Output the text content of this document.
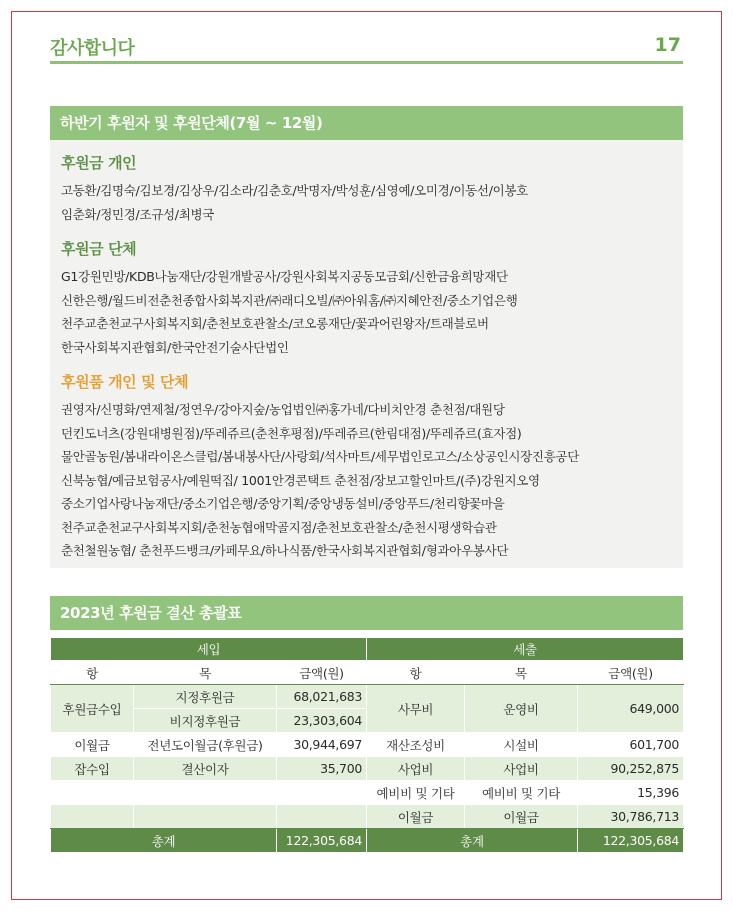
감사합니다	17
하반기 후원자 및 후원단체(7월 ~ 12월)
후원금 개인
고동환/김명숙/김보경/김상우/김소라/김춘호/박명자/박성훈/심영예/오미경/이동선/이봉호
임춘화/정민경/조규성/최병국
후원금 단체
G1강원민방/KDB나눔재단/강원개발공사/강원사회복지공동모금회/신한금융희망재단
신한은행/월드비전춘천종합사회복지관/㈜래디오빌/㈜아워홈/㈜지혜안전/중소기업은행
천주교춘천교구사회복지회/춘천보호관찰소/코오롱재단/꽃과어린왕자/트래블로버
한국사회복지관협회/한국안전기술사단법인
후원품 개인 및 단체
권영자/신명화/연제철/정연우/강아지숲/농업법인㈜홍가네/다비치안경 춘천점/대원당
던킨도너츠(강원대병원점)/뚜레쥬르(춘천후평점)/뚜레쥬르(한림대점)/뚜레쥬르(효자점)
물안골농원/봄내라이온스클럽/봄내봉사단/사랑회/석사마트/세무법인로고스/소상공인시장진흥공단
신북농협/예금보험공사/예원떡집/ 1001안경콘택트 춘천점/장보고할인마트/(주)강원지오영
중소기업사랑나눔재단/중소기업은행/중앙기획/중앙냉동설비/중앙푸드/천리향꽃마을
천주교춘천교구사회복지회/춘천농협애막골지점/춘천보호관찰소/춘천시평생학습관
춘천철원농협/ 춘천푸드뱅크/카페무요/하나식품/한국사회복지관협회/형과아우봉사단
2023년 후원금 결산 총괄표
세입			세출		
항	목	금액(원)	항	목	금액(원)
후원금수입	지정후원금	68,021,683	사무비	운영비	649,000
	비지정후원금	23,303,604			
이월금	전년도이월금(후원금)	30,944,697	재산조성비	시설비	601,700
잡수입	결산이자	35,700	사업비	사업비	90,252,875
			예비비 및 기타	예비비 및 기타	15,396
			이월금	이월금	30,786,713
총계		122,305,684	총계		122,305,684
